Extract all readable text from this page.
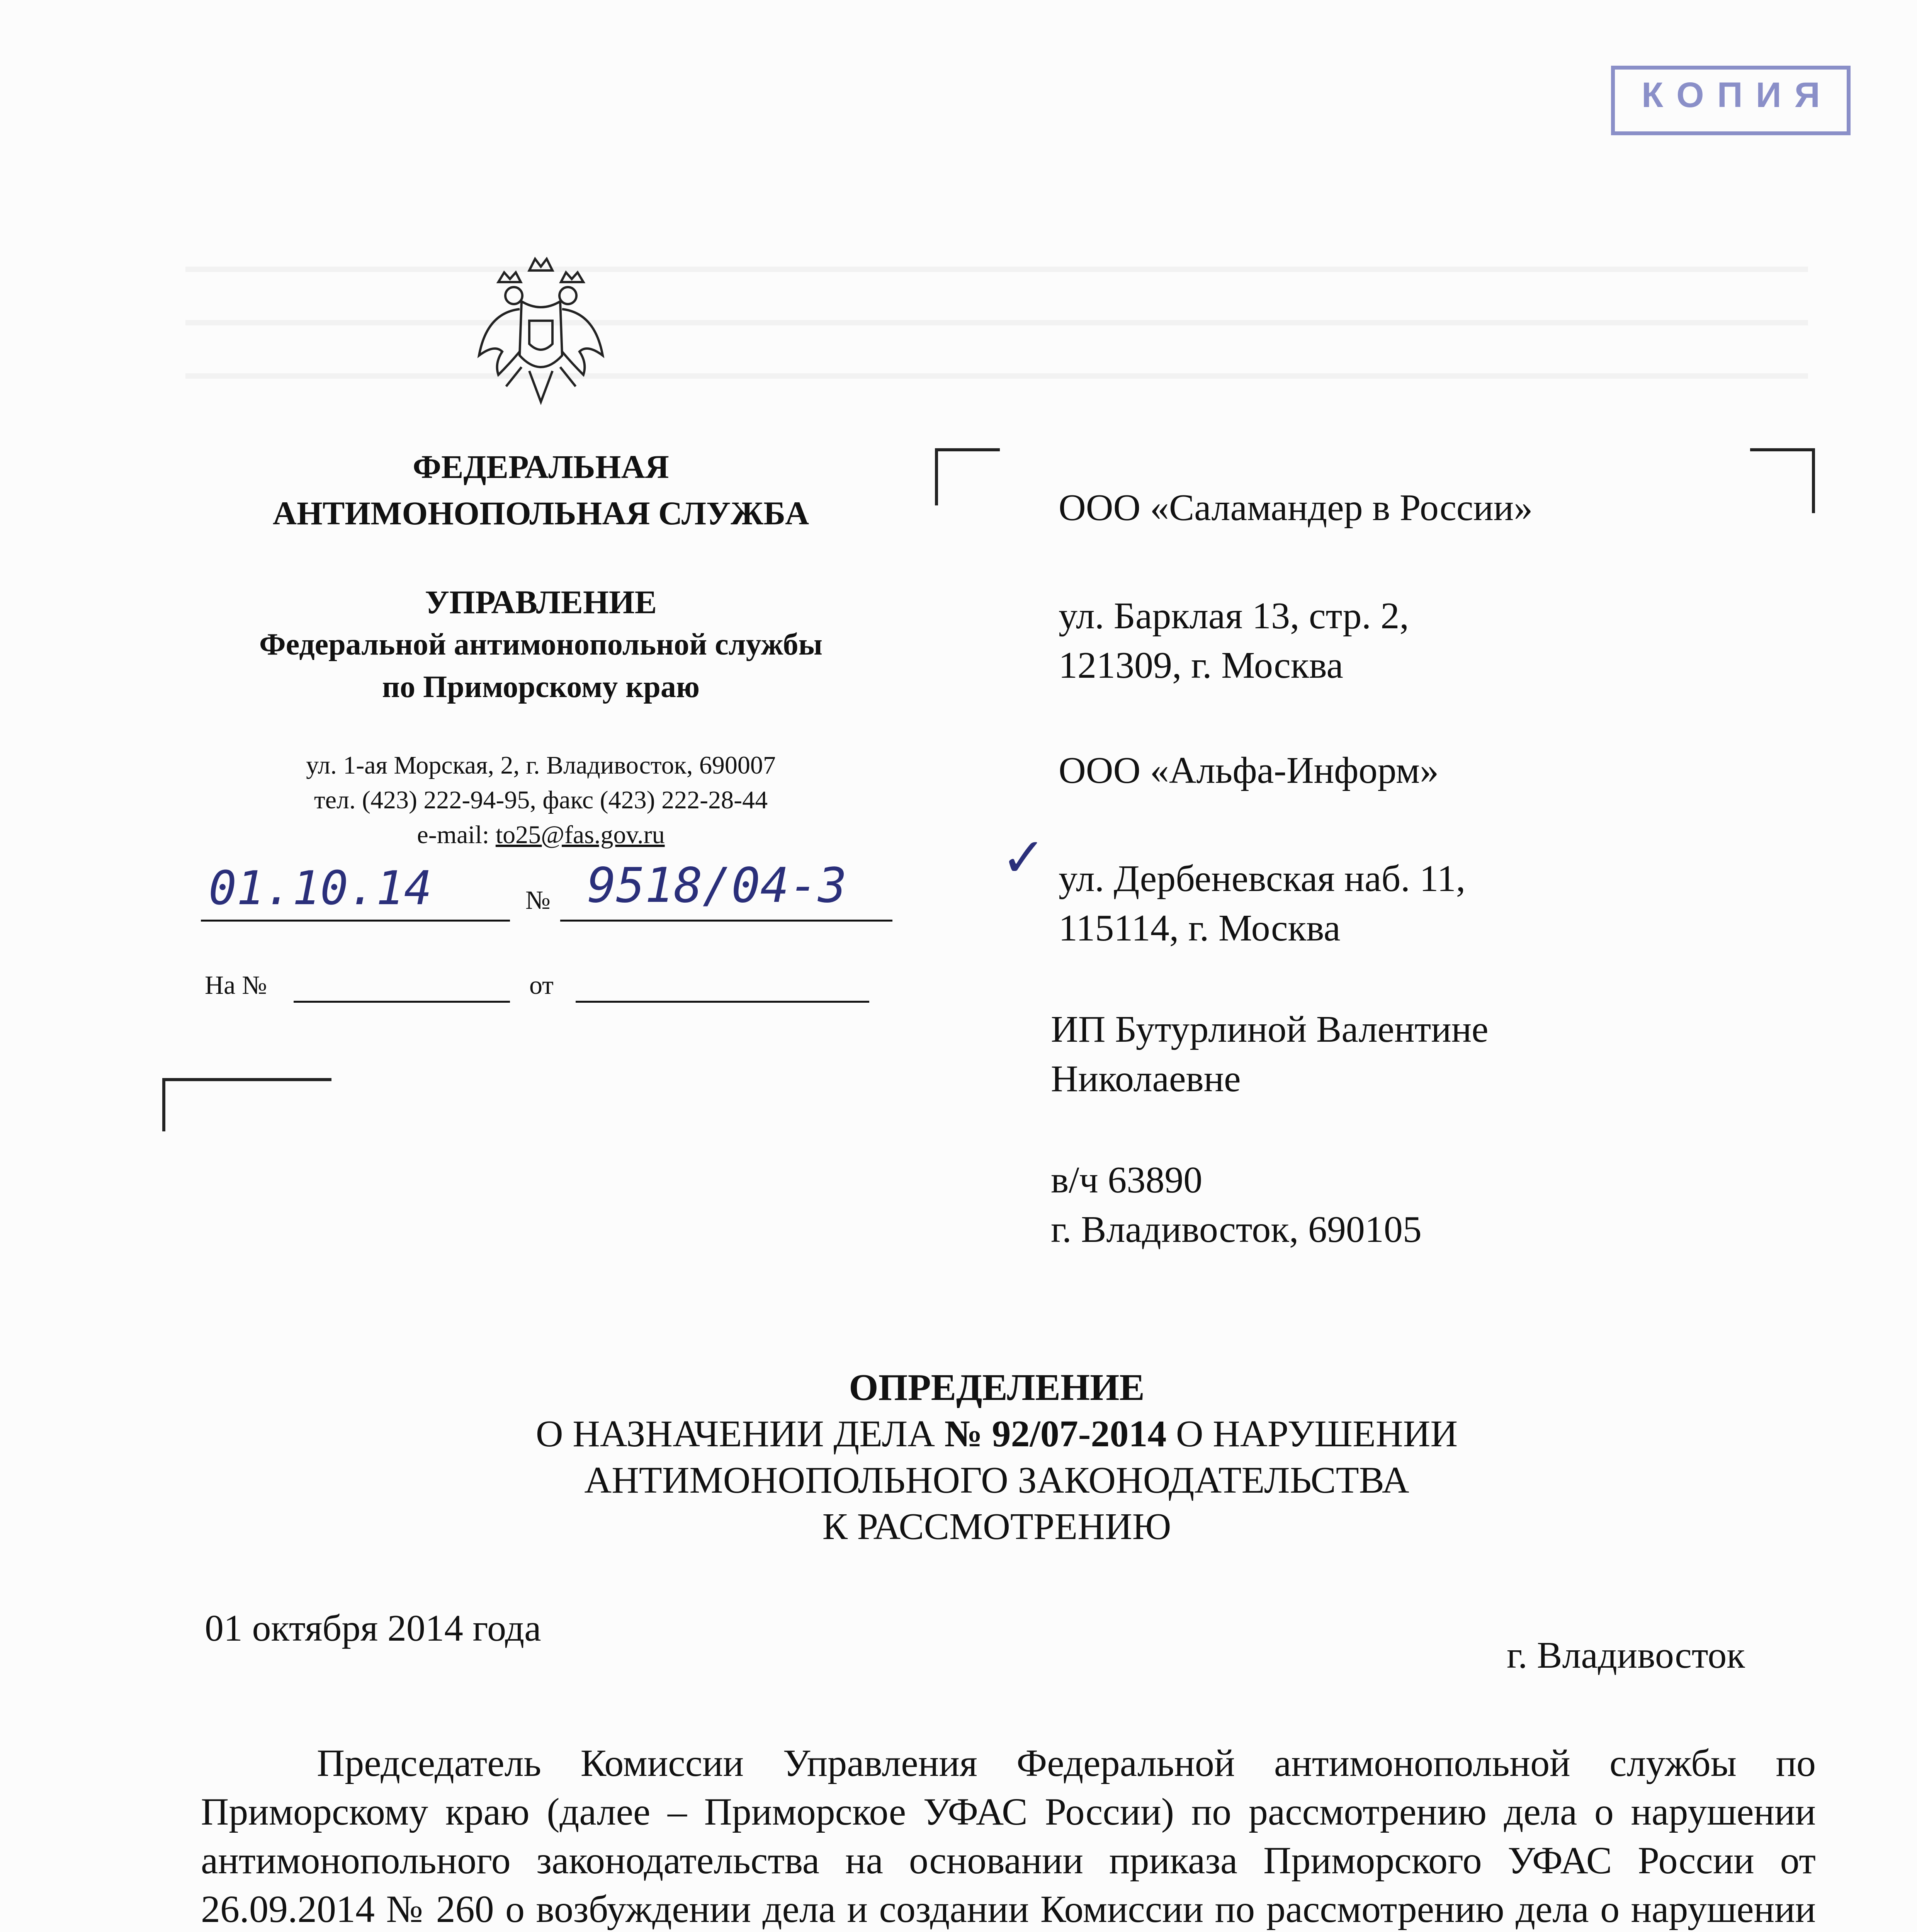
КОПИЯ
ФЕДЕРАЛЬНАЯ
АНТИМОНОПОЛЬНАЯ СЛУЖБА
УПРАВЛЕНИЕ
Федеральной антимонопольной службы
по Приморскому краю
ул. 1-ая Морская, 2, г. Владивосток, 690007
тел. (423) 222-94-95, факс (423) 222-28-44
e-mail: to25@fas.gov.ru
01.10.14	№ 9518/04-3
На №	от
ООО «Саламандер в России»
ул. Барклая 13, стр. 2,
121309, г. Москва
ООО «Альфа-Информ»
✓ ул. Дербеневская наб. 11,
115114, г. Москва
ИП Бутурлиной Валентине
Николаевне
в/ч 63890
г. Владивосток, 690105
ОПРЕДЕЛЕНИЕ
О НАЗНАЧЕНИИ ДЕЛА № 92/07-2014 О НАРУШЕНИИ
АНТИМОНОПОЛЬНОГО ЗАКОНОДАТЕЛЬСТВА
К РАССМОТРЕНИЮ
01 октября 2014 года
г. Владивосток
Председатель Комиссии Управления Федеральной антимонопольной службы по Приморскому краю (далее – Приморское УФАС России) по рассмотрению дела о нарушении антимонопольного законодательства на основании приказа Приморского УФАС России от 26.09.2014 № 260 о возбуждении дела и создании Комиссии по рассмотрению дела о нарушении
